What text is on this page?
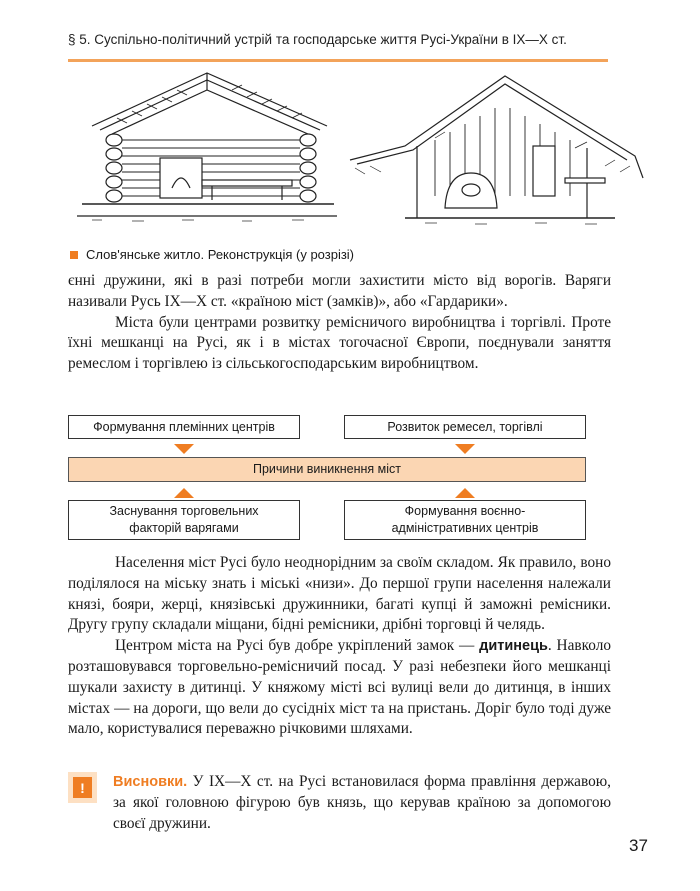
§ 5. Суспільно-політичний устрій та господарське життя Русі-України в IX—X ст.
Слов'янське житло. Реконструкція (у розрізі)

єнні дружини, які в разі потреби могли захистити місто від ворогів. Варяги називали Русь IX—X ст. «країною міст (замків)», або «Гардарики».

Міста були центрами розвитку ремісничого виробництва і торгівлі. Проте їхні мешканці на Русі, як і в містах тогочасної Європи, поєднували заняття ремеслом і торгівлею із сільськогосподарським виробництвом.

Формування племінних центрів	Розвиток ремесел, торгівлі
Причини виникнення міст
Заснування торговельних факторій варягами
Формування воєнно-адміністративних центрів

Населення міст Русі було неоднорідним за своїм складом. Як правило, воно поділялося на міську знать і міські «низи». До першої групи населення належали князі, бояри, жерці, князівські дружинники, багаті купці й заможні ремісники. Другу групу складали міщани, бідні ремісники, дрібні торговці й челядь.

Центром міста на Русі був добре укріплений замок — дитинець. Навколо розташовувався торговельно-ремісничий посад. У разі небезпеки його мешканці шукали захисту в дитинці. У княжому місті всі вулиці вели до дитинця, в інших містах — на дороги, що вели до сусідніх міст та на пристань. Доріг було тоді дуже мало, користувалися переважно річковими шляхами.

!	Висновки. У IX—X ст. на Русі встановилася форма правління державою, за якої головною фігурою був князь, що керував країною за допомогою своєї дружини.

37
